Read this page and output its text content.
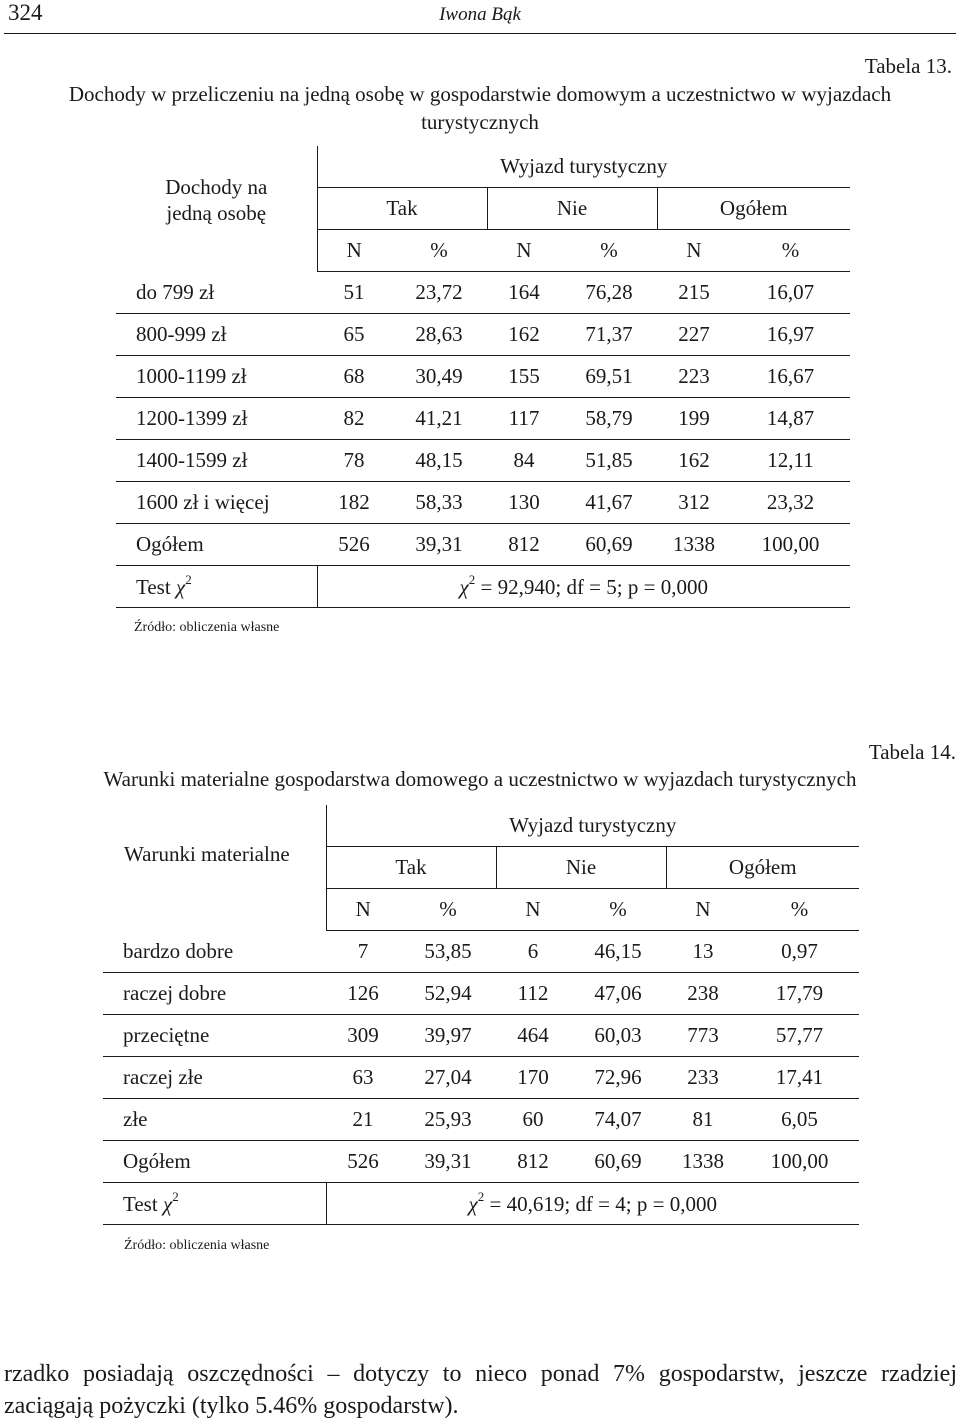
324	Iwona Bąk
Tabela 13.
Dochody w przeliczeniu na jedną osobę w gospodarstwie domowym a uczestnictwo w wyjazdach
turystycznych
Dochody na
jedną osobę	Wyjazd turystyczny					
	Tak		Nie		Ogółem	
	N	%	N	%	N	%
do 799 zł	51	23,72	164	76,28	215	16,07
800-999 zł	65	28,63	162	71,37	227	16,97
1000-1199 zł	68	30,49	155	69,51	223	16,67
1200-1399 zł	82	41,21	117	58,79	199	14,87
1400-1599 zł	78	48,15	84	51,85	162	12,11
1600 zł i więcej	182	58,33	130	41,67	312	23,32
Ogółem	526	39,31	812	60,69	1338	100,00
Test $\chi^2$	$\chi^2 = 92,940$; df = 5; p = 0,000					
Źródło: obliczenia własne
Tabela 14.
Warunki materialne gospodarstwa domowego a uczestnictwo w wyjazdach turystycznych
Warunki materialne	Wyjazd turystyczny					
	Tak		Nie		Ogółem	
	N	%	N	%	N	%
bardzo dobre	7	53,85	6	46,15	13	0,97
raczej dobre	126	52,94	112	47,06	238	17,79
przeciętne	309	39,97	464	60,03	773	57,77
raczej złe	63	27,04	170	72,96	233	17,41
złe	21	25,93	60	74,07	81	6,05
Ogółem	526	39,31	812	60,69	1338	100,00
Test $\chi^2$	$\chi^2 = 40,619$; df = 4; p = 0,000					
Źródło: obliczenia własne
rzadko posiadają oszczędności – dotyczy to nieco ponad 7% gospodarstw, jeszcze rzadziej zaciągają pożyczki (tylko 5.46% gospodarstw).
